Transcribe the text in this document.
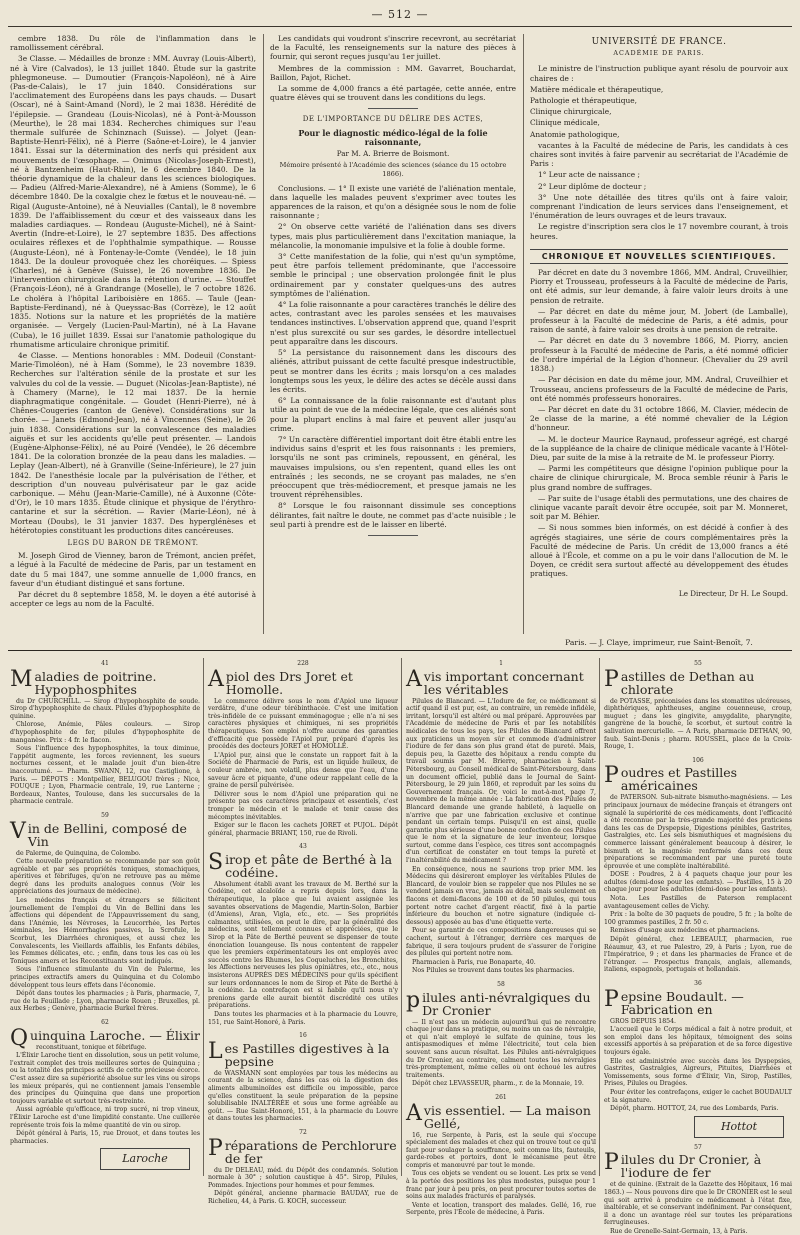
— 512 —

cembre 1838. Du rôle de l'inflammation dans le ramollissement cérébral.

3e Classe. — Médailles de bronze : MM. Auvray (Louis-Albert), né à Vire (Calvados), le 13 juillet 1840. Étude sur la gastrite phlegmoneuse. — Dumoutier (François-Napoléon), né à Aire (Pas-de-Calais), le 17 juin 1840. Considérations sur l'acclimatement des Européens dans les pays chauds. — Dusart (Oscar), né à Saint-Amand (Nord), le 2 mai 1838. Hérédité de l'épilepsie. — Grandeau (Louis-Nicolas), né à Pont-à-Mousson (Meurthe), le 28 mai 1834. Recherches chimiques sur l'eau thermale sulfurée de Schinznach (Suisse). — Jolyet (Jean-Baptiste-Henri-Félix), né à Pierre (Saône-et-Loire), le 4 janvier 1841. Essai sur la détermination des nerfs qui président aux mouvements de l'œsophage. — Onimus (Nicolas-Joseph-Ernest), né à Bantzenheim (Haut-Rhin), le 6 décembre 1840. De la théorie dynamique de la chaleur dans les sciences biologiques. — Padieu (Alfred-Marie-Alexandre), né à Amiens (Somme), le 6 décembre 1840. De la coxalgie chez le fœtus et le nouveau-né. — Rigal (Auguste-Antoine), né à Neuvialles (Cantal), le 8 novembre 1839. De l'affaiblissement du cœur et des vaisseaux dans les maladies cardiaques. — Rondeau (Auguste-Michel), né à Saint-Avertin (Indre-et-Loire), le 27 septembre 1835. Des affections oculaires réflexes et de l'ophthalmie sympathique. — Rousse (Auguste-Léon), né à Fontenay-le-Comte (Vendée), le 18 juin 1843. De la douleur provoquée chez les choréiques. — Spiess (Charles), né à Genève (Suisse), le 26 novembre 1836. De l'intervention chirurgicale dans la rétention d'urine. — Stouffet (François-Léon), né à Grandrange (Moselle), le 7 octobre 1826. Le choléra à l'hôpital Lariboisière en 1865. — Taule (Jean-Baptiste-Ferdinand), né à Queyssac-Bas (Corrèze), le 12 août 1835. Notions sur la nature et les propriétés de la matière organisée. — Vergely (Lucien-Paul-Martin), né à La Havane (Cuba), le 16 juillet 1839. Essai sur l'anatomie pathologique du rhumatisme articulaire chronique primitif.

4e Classe. — Mentions honorables : MM. Dodeuil (Constant-Marie-Timoléon), né à Ham (Somme), le 23 novembre 1839. Recherches sur l'altération sénile de la prostate et sur les valvules du col de la vessie. — Duguet (Nicolas-Jean-Baptiste), né à Chamery (Marne), le 12 mai 1837. De la hernie diaphragmatique congénitale. — Goudet (Henri-Pierre), né à Chênes-Cougeries (canton de Genève). Considérations sur la chorée. — Janets (Edmond-Jean), né à Vincennes (Seine), le 26 juin 1838. Considérations sur la convalescence des maladies aiguës et sur les accidents qu'elle peut présenter. — Landois (Eugène-Alphonse-Félix), né au Poiré (Vendée), le 26 décembre 1841. De la coloration bronzée de la peau dans les maladies. — Leplay (Jean-Albert), né à Granville (Seine-Inférieure), le 27 juin 1842. De l'anesthésie locale par la pulvérisation de l'éther, et description d'un nouveau pulvérisateur par le gaz acide carbonique. — Méhu (Jean-Marie-Camille), né à Auxonne (Côte-d'Or), le 10 mars 1835. Étude clinique et physique de l'érythro-cantarine et sur la sécrétion. — Ravier (Marie-Léon), né à Morteau (Doubs), le 31 janvier 1837. Des hyperglénèses et hétérotopies constituant les productions dites cancéreuses.

LEGS DU BARON DE TRÉMONT.

M. Joseph Girod de Vienney, baron de Trémont, ancien préfet, a légué à la Faculté de médecine de Paris, par un testament en date du 5 mai 1847, une somme annuelle de 1,000 francs, en faveur d'un étudiant distingué et sans fortune.

Par décret du 8 septembre 1858, M. le doyen a été autorisé à accepter ce legs au nom de la Faculté.

Les candidats qui voudront s'inscrire recevront, au secrétariat de la Faculté, les renseignements sur la nature des pièces à fournir, qui seront reçues jusqu'au 1er juillet.

Membres de la commission : MM. Gavarret, Bouchardat, Baillon, Pajot, Richet.

La somme de 4,000 francs a été partagée, cette année, entre quatre élèves qui se trouvent dans les conditions du legs.

DE L'IMPORTANCE DU DÉLIRE DES ACTES,
Pour le diagnostic médico-légal de la folie raisonnante,
Par M. A. Brierre de Boismont.
Mémoire présenté à l'Académie des sciences (séance du 15 octobre 1866).

Conclusions. — 1° Il existe une variété de l'aliénation mentale, dans laquelle les malades peuvent s'exprimer avec toutes les apparences de la raison, et qu'on a désignée sous le nom de folie raisonnante ;

2° On observe cette variété de l'aliénation dans ses divers types, mais plus particulièrement dans l'excitation maniaque, la mélancolie, la monomanie impulsive et la folie à double forme.

3° Cette manifestation de la folie, qui n'est qu'un symptôme, peut être parfois tellement prédominante, que l'accessoire semble le principal ; une observation prolongée finit le plus ordinairement par y constater quelques-uns des autres symptômes de l'aliénation.

4° La folie raisonnante a pour caractères tranchés le délire des actes, contrastant avec les paroles sensées et les mauvaises tendances instinctives. L'observation apprend que, quand l'esprit n'est plus surexcité ou sur ses gardes, le désordre intellectuel peut apparaître dans les discours.

5° La persistance du raisonnement dans les discours des aliénés, attribut puissant de cette faculté presque indestructible, peut se montrer dans les écrits ; mais lorsqu'on a ces malades longtemps sous les yeux, le délire des actes se décèle aussi dans les écrits.

6° La connaissance de la folie raisonnante est d'autant plus utile au point de vue de la médecine légale, que ces aliénés sont pour la plupart enclins à mal faire et peuvent aller jusqu'au crime.

7° Un caractère différentiel important doit être établi entre les individus sains d'esprit et les fous raisonnants : les premiers, lorsqu'ils ne sont pas criminels, repoussent, en général, les mauvaises impulsions, ou s'en repentent, quand elles les ont entraînés ; les seconds, ne se croyant pas malades, ne s'en préoccupent que très-médiocrement, et presque jamais ne les trouvent répréhensibles.

8° Lorsque le fou raisonnant dissimule ses conceptions délirantes, fait naître le doute, ne commet pas d'acte nuisible ; le seul parti à prendre est de le laisser en liberté.

UNIVERSITÉ DE FRANCE.
ACADÉMIE DE PARIS.

Le ministre de l'instruction publique ayant résolu de pourvoir aux chaires de :

Matière médicale et thérapeutique,

Pathologie et thérapeutique,

Clinique chirurgicale,

Clinique médicale,

Anatomie pathologique,

vacantes à la Faculté de médecine de Paris, les candidats à ces chaires sont invités à faire parvenir au secrétariat de l'Académie de Paris :

1° Leur acte de naissance ;

2° Leur diplôme de docteur ;

3° Une note détaillée des titres qu'ils ont à faire valoir, comprenant l'indication de leurs services dans l'enseignement, et l'énumération de leurs ouvrages et de leurs travaux.

Le registre d'inscription sera clos le 17 novembre courant, à trois heures.

CHRONIQUE ET NOUVELLES SCIENTIFIQUES.

Par décret en date du 3 novembre 1866, MM. Andral, Cruveilhier, Piorry et Trousseau, professeurs à la Faculté de médecine de Paris, ont été admis, sur leur demande, à faire valoir leurs droits à une pension de retraite.

— Par décret en date du même jour, M. Jobert (de Lamballe), professeur à la Faculté de médecine de Paris, a été admis, pour raison de santé, à faire valoir ses droits à une pension de retraite.

— Par décret en date du 3 novembre 1866, M. Piorry, ancien professeur à la Faculté de médecine de Paris, a été nommé officier de l'ordre impérial de la Légion d'honneur. (Chevalier du 29 avril 1838.)

— Par décision en date du même jour, MM. Andral, Cruveilhier et Trousseau, anciens professeurs de la Faculté de médecine de Paris, ont été nommés professeurs honoraires.

— Par décret en date du 31 octobre 1866, M. Clavier, médecin de 2e classe de la marine, a été nommé chevalier de la Légion d'honneur.

— M. le docteur Maurice Raynaud, professeur agrégé, est chargé de la suppléance de la chaire de clinique médicale vacante à l'Hôtel-Dieu, par suite de la mise à la retraite de M. le professeur Piorry.

— Parmi les compétiteurs que désigne l'opinion publique pour la chaire de clinique chirurgicale, M. Broca semble réunir à Paris le plus grand nombre de suffrages.

— Par suite de l'usage établi des permutations, une des chaires de clinique vacante paraît devoir être occupée, soit par M. Monneret, soit par M. Béhier.

— Si nous sommes bien informés, on est décidé à confier à des agrégés stagiaires, une série de cours complémentaires près la Faculté de médecine de Paris. Un crédit de 13,000 francs a été alloué à l'École, et comme on a pu le voir dans l'allocution de M. le Doyen, ce crédit sera surtout affecté au développement des études pratiques.

Le Directeur, Dr H. Le Soupd.
Paris. — J. Claye, imprimeur, rue Saint-Benoît, 7.
41
Maladies de poitrine. Hypophosphites

du Dr CHURCHILL. — Sirop d'hypophosphite de soude. Sirop d'hypophosphite de chaux. Pilules d'hypophosphite de quinine.

Chlorose, Anémie, Pâles couleurs. — Sirop d'hypophosphite de fer, pilules d'hypophosphite de manganèse. Prix : 4 fr. le flacon.

Sous l'influence des hypophosphites, la toux diminue, l'appétit augmente, les forces reviennent, les sueurs nocturnes cessent, et le malade jouit d'un bien-être inaccoutumé. — Pharm. SWANN, 12, rue Castiglione, à Paris. — DÉPOTS : Montpellier, BELUGOU frères ; Nice, FOUQUE ; Lyon, Pharmacie centrale, 19, rue Lanterne ; Bordeaux, Nantes, Toulouse, dans les succursales de la pharmacie centrale.

59
Vin de Bellini, composé de Vin

de Palerme, de Quinquina, de Colombo.

Cette nouvelle préparation se recommande par son goût agréable et par ses propriétés toniques, stomachiques, apéritives et fébrifuges, qu'on ne retrouve pas au même degré dans les produits analogues connus (Voir les appréciations des journaux de médecine).

Les médecins français et étrangers se félicitent journellement de l'emploi du Vin de Bellini dans les affections qui dépendent de l'Appauvrissement du sang, dans l'Anémie, les Névroses, la Leucorrhée, les Pertes séminales, les Hémorrhagies passives, la Scrofule, le Scorbut, les Diarrhées chroniques, et aussi chez les Convalescents, les Vieillards affaiblis, les Enfants débiles, les Femmes délicates, etc. ; enfin, dans tous les cas où les Toniques amers et les Reconstituants sont indiqués.

Sous l'influence stimulante du Vin de Palerme, les principes extractifs amers du Quinquina et du Colombo développent tous leurs effets dans l'économie.

Dépôt dans toutes les pharmacies ; à Paris, pharmacie, 7, rue de la Feuillade ; Lyon, pharmacie Rouen ; Bruxelles, pl. aux Herbes ; Genève, pharmacie Burkel frères.

62
Quinquina Laroche. — Élixir

reconstituant, tonique et fébrifuge.

L'Élixir Laroche tient en dissolution, sous un petit volume, l'extrait complet des trois meilleures sortes de Quinquina ; ou la totalité des principes actifs de cette précieuse écorce. C'est assez dire sa supériorité absolue sur les vins ou sirops les mieux préparés, qui ne contiennent jamais l'ensemble des principes du Quinquina que dans une proportion toujours variable et surtout très-restreinte.

Aussi agréable qu'efficace, ni trop sucré, ni trop vineux, l'Élixir Laroche est d'une limpidité constante. Une cuillerée représente trois fois la même quantité de vin ou sirop.

Dépôt général à Paris, 15, rue Drouot, et dans toutes les pharmacies.

Laroche
228
Apiol des Drs Joret et Homolle.

Le commerce délivre sous le nom d'Apiol une liqueur verdâtre, d'une odeur térébinthacée. C'est une imitation très-infidèle de ce puissant emménagogue ; elle n'a ni ses caractères physiques et chimiques, ni ses propriétés thérapeutiques. Son emploi n'offre aucune des garanties d'efficacité que possède l'Apiol pur, préparé d'après les procédés des docteurs JORET et HOMOLLE.

L'Apiol pur, ainsi que le constate un rapport fait à la Société de Pharmacie de Paris, est un liquide huileux, de couleur ambrée, non volatil, plus dense que l'eau, d'une saveur âcre et piquante, d'une odeur rappelant celle de la graine de persil pulvérisée.

Délivrer sous le nom d'Apiol une préparation qui ne présente pas ces caractères principaux et essentiels, c'est tromper le médecin et le malade et tenir cause des mécomptes inévitables.

Exiger sur le flacon les cachets JORET et PUJOL. Dépôt général, pharmacie BRIANT, 150, rue de Rivoli.

43
Sirop et pâte de Berthé à la codéine.

Absolument établi avant les travaux de M. Berthé sur la Codéine, cet alcaloïde a repris depuis lors, dans la thérapeutique, la place que lui avaient assignée les savantes observations de Magendie, Martin-Solon, Barbier (d'Amiens), Aran, Vigla, etc., etc. — Ses propriétés calmantes, utilisées, on peut le dire, par la généralité des médecins, sont tellement connues et appréciées, que le Sirop et la Pâte de Berthé peuvent se dispenser de toute énonciation louangeuse. Ils nous contentent de rappeler que les premiers expérimentateurs les ont employés avec succès contre les Rhumes, les Coqueluches, les Bronchites, les Affections nerveuses les plus opiniâtres, etc., etc., nous insisterons AUPRÈS DES MÉDECINS pour qu'ils spécifient sur leurs ordonnances le nom de Sirop et Pâte de Berthé à la codéine. La contrefaçon est si habile qu'il nous n'y prenions garde elle aurait bientôt discrédité ces utiles préparations.

Dans toutes les pharmacies et à la pharmacie du Louvre, 151, rue Saint-Honoré, à Paris.

16
Les Pastilles digestives à la pepsine

de WASMANN sont employées par tous les médecins au courant de la science, dans les cas où la digestion des aliments albuminoïdes est difficile ou impossible, parce qu'elles constituent la seule préparation de la pepsine solubilisable INALTÉRÉE et sous une forme agréable au goût. — Rue Saint-Honoré, 151, à la pharmacie du Louvre et dans toutes les pharmacies.

72
Préparations de Perchlorure de fer

du Dr DELEAU, méd. du Dépôt des condamnés. Solution normale à 30° ; solution caustique à 45°. Sirop, Pilules, Pommades. Injections pour hommes et pour femmes.

Dépôt général, ancienne pharmacie BAUDAY, rue de Richelieu, 44, à Paris. G. KOCH, successeur.

1
Avis important concernant les véritables

Pilules de Blancard. — L'Iodure de fer, ce médicament si actif quand il est pur, est, au contraire, un remède infidèle, irritant, lorsqu'il est altéré ou mal préparé. Approuvées par l'Académie de médecine de Paris et par les notabilités médicales de tous les pays, les Pilules de Blancard offrent aux praticiens un moyen sûr et commode d'administrer l'iodure de fer dans son plus grand état de pureté. Mais, depuis peu, la Gazette des hôpitaux a rendu compte du travail soumis par M. Brierre, pharmacien à Saint-Pétersbourg, au Conseil médical de Saint-Pétersbourg, dans un document officiel, publié dans le Journal de Saint-Pétersbourg, le 29 juin 1860, et reproduit par les soins du Gouvernement français. Or, voici le mot-à-mot, page 7, novembre de la même année : La fabrication des Pilules de Blancard demande une grande habileté, à laquelle on n'arrive que par une fabrication exclusive et continue pendant un certain temps. Puisqu'il en est ainsi, quelle garantie plus sérieuse d'une bonne confection de ces Pilules que le nom et la signature de leur inventeur, lorsque surtout, comme dans l'espèce, ces titres sont accompagnés d'un certificat de constater en tout temps la pureté et l'inaltérabilité du médicament ?

En conséquence, nous ne saurions trop prier MM. les Médecins qui désireront employer les véritables Pilules de Blancard, de vouloir bien se rappeler que nos Pilules ne se vendent jamais en vrac, jamais au détail, mais seulement en flacons et demi-flacons de 100 et de 50 pilules, qui tous portent notre cachet d'argent réactif, fixé à la partie inférieure du bouchon et notre signature (indiquée ci-dessous) apposée au bas d'une étiquette verte.

Pour se garantir de ces compositions dangereuses qui se cachent, surtout à l'étranger, derrière ces marques de fabrique, il sera toujours prudent de s'assurer de l'origine des pilules qui portent notre nom.

Pharmacien à Paris, rue Bonaparte, 40.

Nos Pilules se trouvent dans toutes les pharmacies.

58
pilules anti-névralgiques du Dr Cronier

— Il n'est pas un médecin aujourd'hui qui ne rencontre chaque jour dans sa pratique, ou moins un cas de névralgie, et qui n'ait employé le sulfate de quinine, tous les antispasmodiques et même l'électricité, tout cela bien souvent sans aucun résultat. Les Pilules anti-névralgiques du Dr Cronier, au contraire, calment toutes les névralgies très-promptement, même celles où ont échoué les autres traitements.

Dépôt chez LEVASSEUR, pharm., r. de la Monnaie, 19.

261
Avis essentiel. — La maison Gellé,

16, rue Serpente, à Paris, est la seule qui s'occupe spécialement des malades et chez qui on trouve tout ce qu'il faut pour soulager la souffrance, soit comme lits, fauteuils, garde-robes et portoirs, dont le mécanisme peut être compris et manœuvré par tout le monde.

Tous ces objets se vendent ou se louent. Les prix se vend à la portée des positions les plus modestes, puisque pour 1 franc par jour à peu près, on peut procurer toutes sortes de soins aux malades fracturés et paralysés.

Vente et location, transport des malades. Gellé, 16, rue Serpente, près l'École de médecine, à Paris.

55
Pastilles de Dethan au chlorate

de POTASSE, préconisées dans les stomatites ulcéreuses, diphthériques, aphtheuses, angine couenneuse, croup, muguet ; dans les gingivite, amygdalite, pharyngite, gangrène de la bouche, le scorbut, et surtout contre la salivation mercurielle. — A Paris, pharmacie DETHAN, 90, faub. Saint-Denis ; pharm. ROUSSEL, place de la Croix-Rouge, 1.

106
Poudres et Pastilles américaines

de PATERSON. Sub-nitrate bismutho-magnésiens. — Les principaux journaux de médecine français et étrangers ont signalé la supériorité de ces médicaments, dont l'efficacité a été reconnue par la très-grande majorité des praticiens dans les cas de Dyspepsie, Digestions pénibles, Gastrites, Gastralgies, etc. Les sels bismuthiques et magnésiens du commerce laissant généralement beaucoup à désirer, le bismuth et la magnésie renfermés dans ces deux préparations se recommandent par une pureté toute éprouvée et une complète inaltérabilité.

DOSE : Poudres, 2 à 4 paquets chaque jour pour les adultes (demi-dose pour les enfants). — Pastilles, 15 à 20 chaque jour pour les adultes (demi-dose pour les enfants).

Nota. Les Pastilles de Paterson remplacent avantageusement celles de Vichy.

Prix : la boîte de 30 paquets de poudre, 5 fr. ; la boîte de 100 grammes pastilles, 2 fr. 50 c.

Remises d'usage aux médecins et pharmaciens.

Dépôt général, chez LEBEAULT, pharmacien, rue Réaumur, 43, et rue Palestro, 29, à Paris ; Lyon, rue de l'Impératrice, 9 ; et dans les pharmacies de France et de l'étranger. — Prospectus français, anglais, allemands, italiens, espagnols, portugais et hollandais.

36
Pepsine Boudault. — Fabrication en

GROS DEPUIS 1854.

L'accueil que le Corps médical a fait à notre produit, et son emploi dans les hôpitaux, témoignent des soins excessifs apportés à sa préparation et de sa force digestive toujours égale.

Elle est administrée avec succès dans les Dyspepsies, Gastrites, Gastralgies, Aigreurs, Pituites, Diarrhées et Vomissements, sous forme d'Élixir, Vin, Sirop, Pastilles, Prises, Pilules ou Dragées.

Pour éviter les contrefaçons, exiger le cachet BOUDAULT et la signature.

Dépôt, pharm. HOTTOT, 24, rue des Lombards, Paris.

Hottot
57
Pilules du Dr Cronier, à l'iodure de fer

et de quinine. (Extrait de la Gazette des Hôpitaux, 16 mai 1863.) — Nous pouvons dire que le Dr CRONIER est le seul qui soit arrivé à produire ce médicament à l'état fixe, inaltérable, et se conservant indéfiniment. Par conséquent, il a donc un avantage réel sur toutes les préparations ferrugineuses.

Rue de Grenelle-Saint-Germain, 13, à Paris.
